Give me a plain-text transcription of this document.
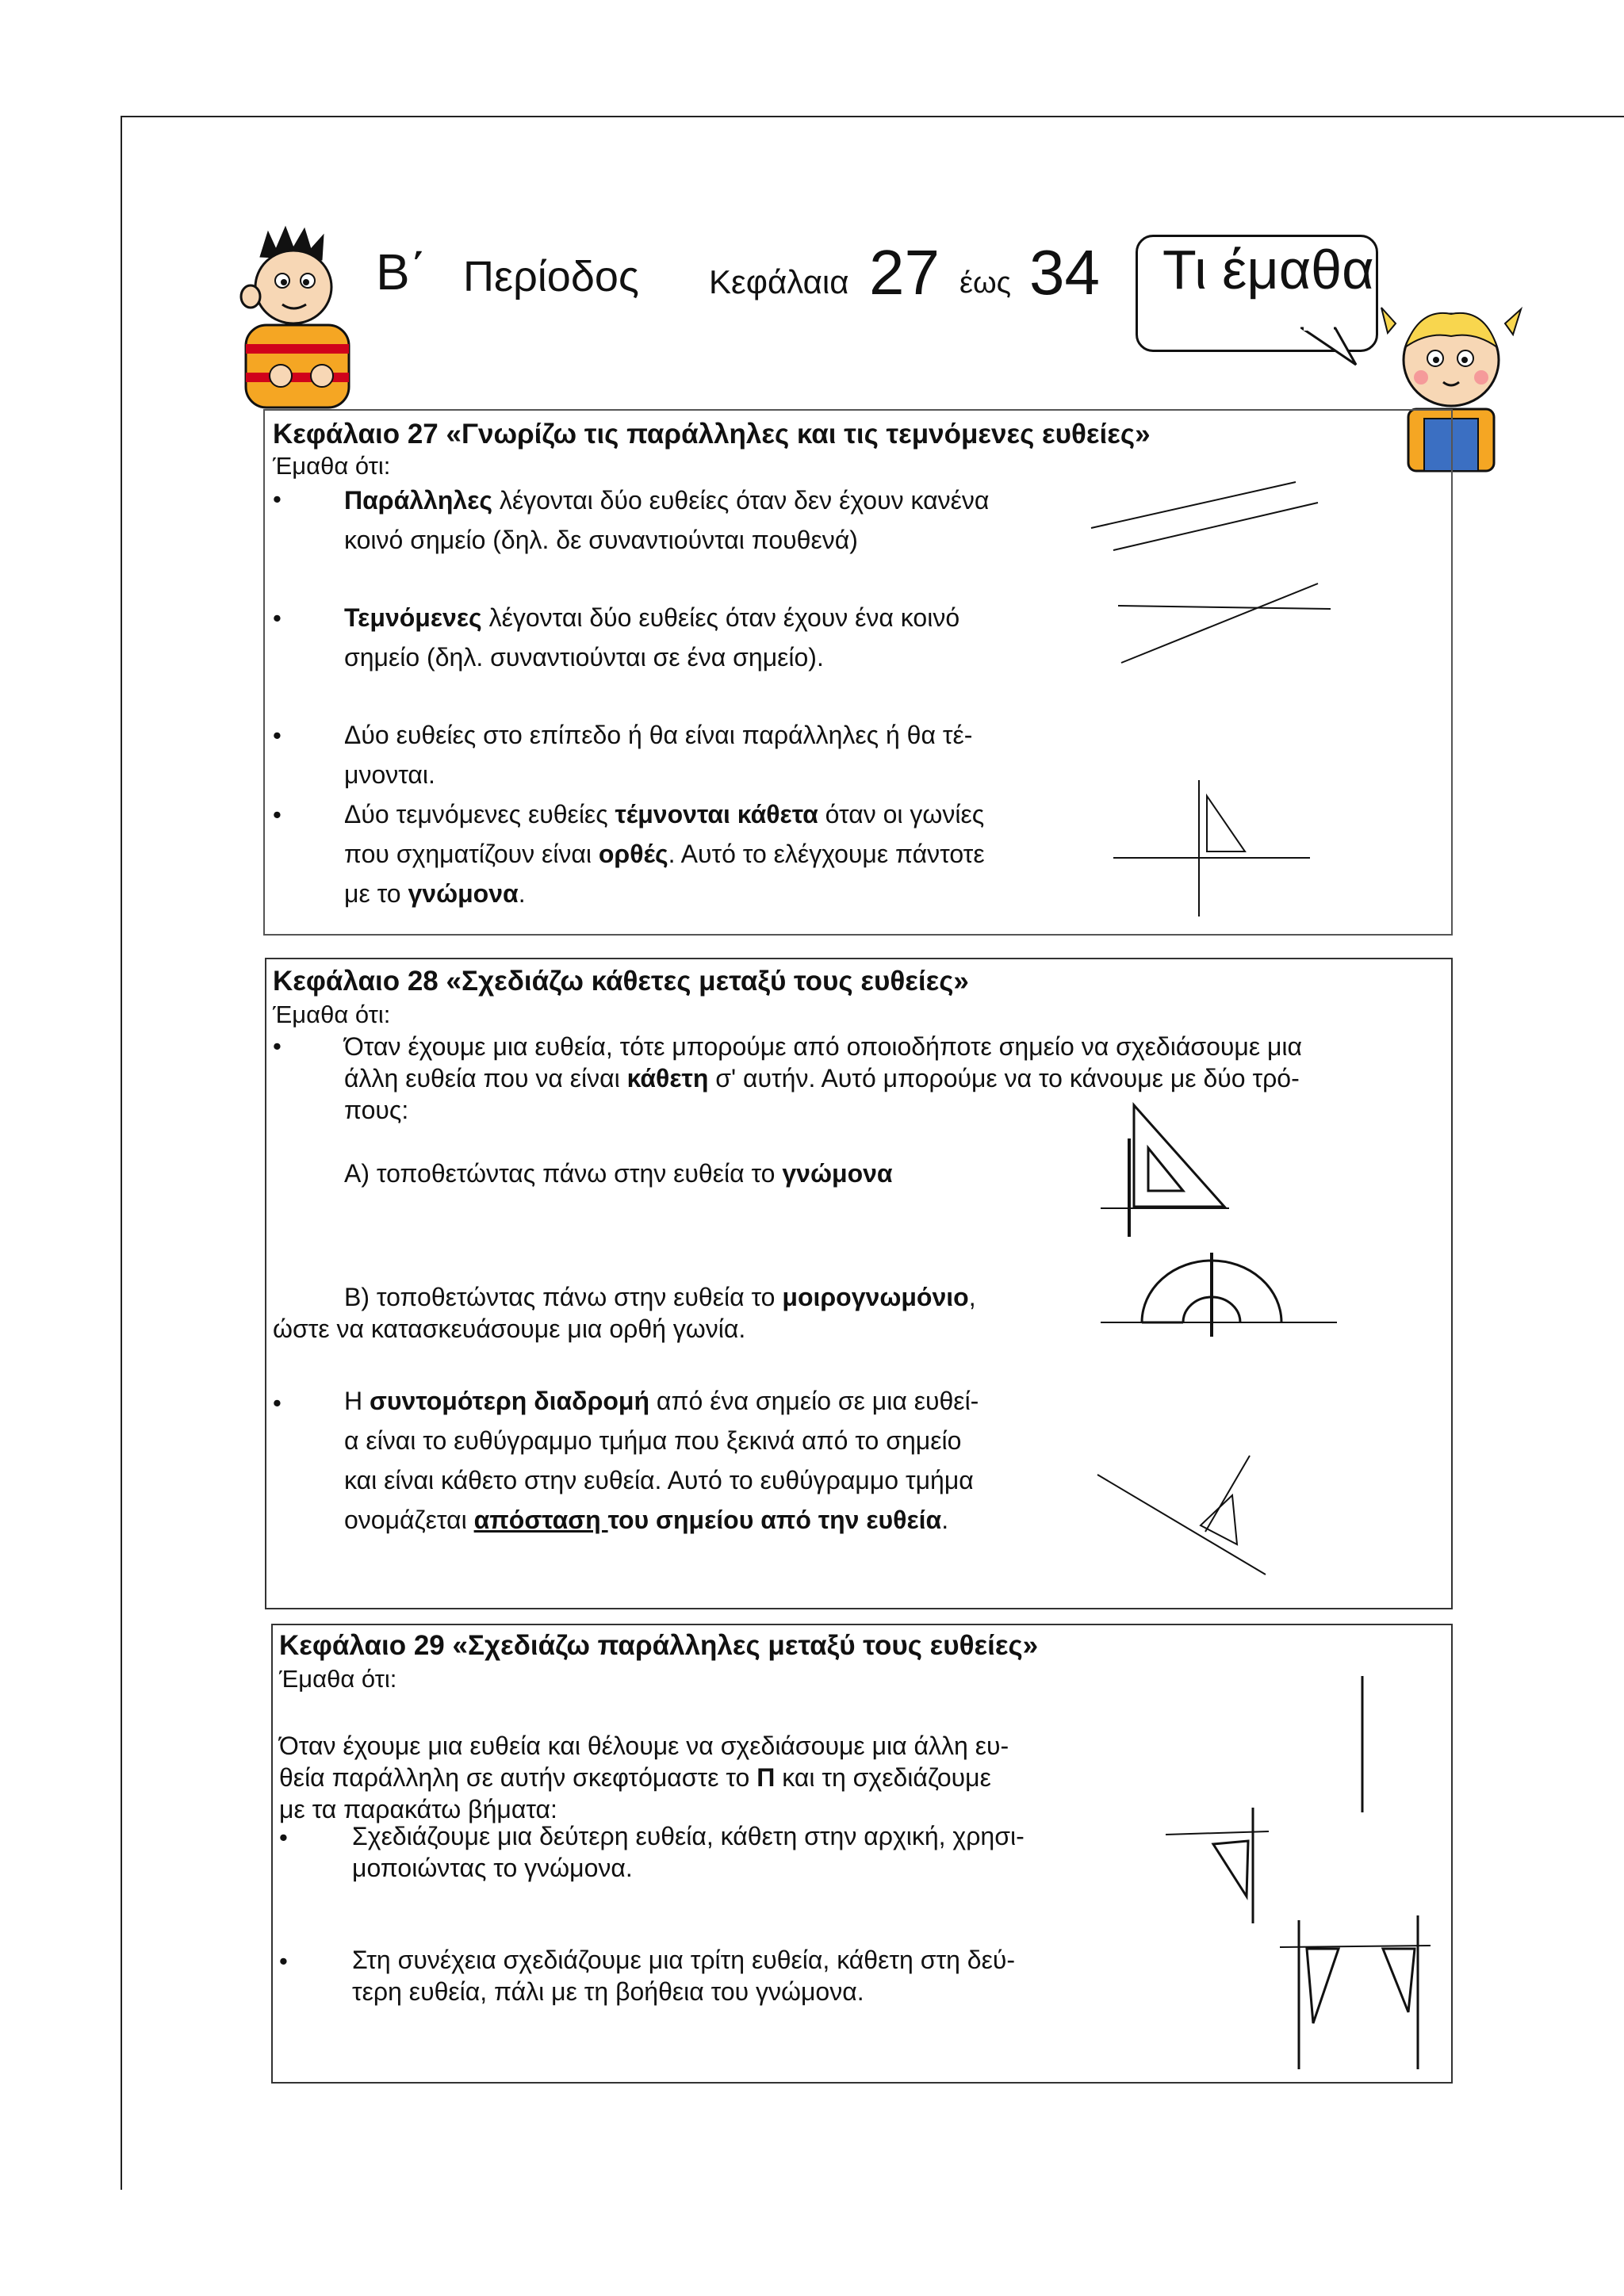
Β΄ Περίοδος Κεφάλαια 27 έως 34 Τι έμαθα
Κεφάλαιο 27 «Γνωρίζω τις παράλληλες και τις τεμνόμενες ευθείες»
Έμαθα ότι:
• Παράλληλες λέγονται δύο ευθείες όταν δεν έχουν κανένα
κοινό σημείο (δηλ. δε συναντιούνται πουθενά)
• Τεμνόμενες λέγονται δύο ευθείες όταν έχουν ένα κοινό
σημείο (δηλ. συναντιούνται σε ένα σημείο).
• Δύο ευθείες στο επίπεδο ή θα είναι παράλληλες ή θα τέ-
μνονται.
• Δύο τεμνόμενες ευθείες τέμνονται κάθετα όταν οι γωνίες
που σχηματίζουν είναι ορθές. Αυτό το ελέγχουμε πάντοτε
με το γνώμονα.
Κεφάλαιο 28 «Σχεδιάζω κάθετες μεταξύ τους ευθείες»
Έμαθα ότι:
• Όταν έχουμε μια ευθεία, τότε μπορούμε από οποιοδήποτε σημείο να σχεδιάσουμε μια
άλλη ευθεία που να είναι κάθετη σ' αυτήν. Αυτό μπορούμε να το κάνουμε με δύο τρό-
πους:
Α) τοποθετώντας πάνω στην ευθεία το γνώμονα
Β) τοποθετώντας πάνω στην ευθεία το μοιρογνωμόνιο,
ώστε να κατασκευάσουμε μια ορθή γωνία.
• Η συντομότερη διαδρομή από ένα σημείο σε μια ευθεί-
α είναι το ευθύγραμμο τμήμα που ξεκινά από το σημείο
και είναι κάθετο στην ευθεία. Αυτό το ευθύγραμμο τμήμα
ονομάζεται απόσταση του σημείου από την ευθεία.
Κεφάλαιο 29 «Σχεδιάζω παράλληλες μεταξύ τους ευθείες»
Έμαθα ότι:
Όταν έχουμε μια ευθεία και θέλουμε να σχεδιάσουμε μια άλλη ευ-
θεία παράλληλη σε αυτήν σκεφτόμαστε το Π και τη σχεδιάζουμε
με τα παρακάτω βήματα:
•	Σχεδιάζουμε μια δεύτερη ευθεία, κάθετη στην αρχική, χρησι-
μοποιώντας το γνώμονα.
•	Στη συνέχεια σχεδιάζουμε μια τρίτη ευθεία, κάθετη στη δεύ-
τερη ευθεία, πάλι με τη βοήθεια του γνώμονα.
